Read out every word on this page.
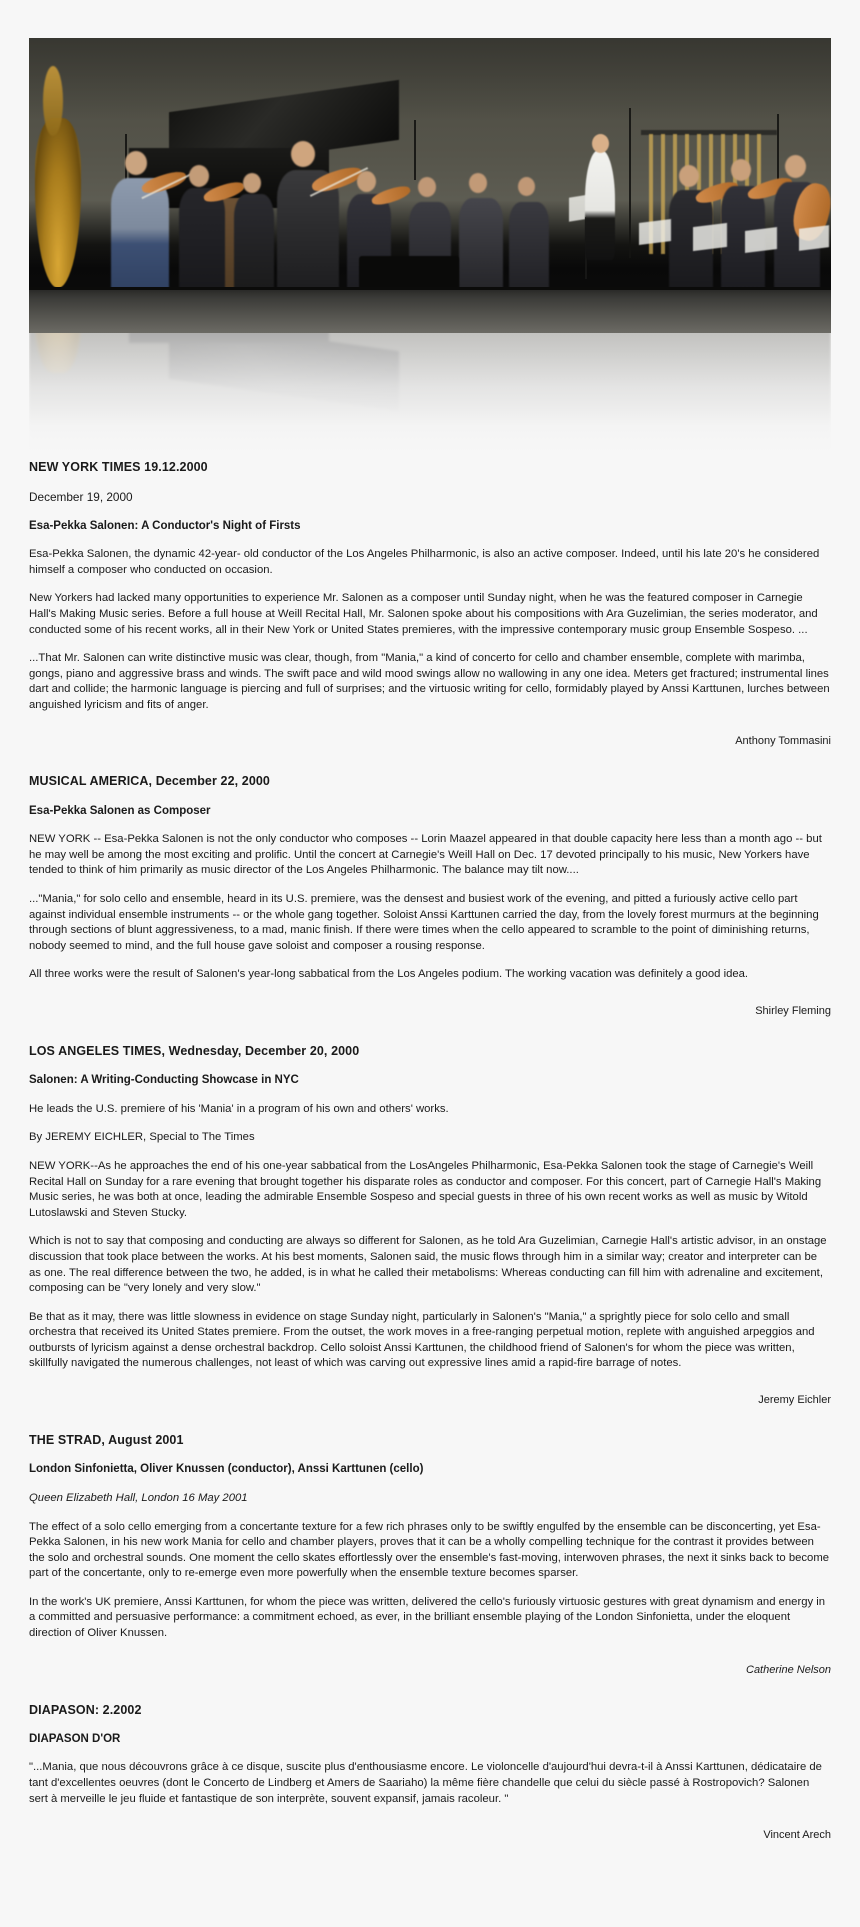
NEW YORK TIMES 19.12.2000

December 19, 2000

Esa-Pekka Salonen: A Conductor's Night of Firsts

Esa-Pekka Salonen, the dynamic 42-year- old conductor of the Los Angeles Philharmonic, is also an active composer. Indeed, until his late 20's he considered himself a composer who conducted on occasion.

New Yorkers had lacked many opportunities to experience Mr. Salonen as a composer until Sunday night, when he was the featured composer in Carnegie Hall's Making Music series. Before a full house at Weill Recital Hall, Mr. Salonen spoke about his compositions with Ara Guzelimian, the series moderator, and conducted some of his recent works, all in their New York or United States premieres, with the impressive contemporary music group Ensemble Sospeso. ...

...That Mr. Salonen can write distinctive music was clear, though, from "Mania," a kind of concerto for cello and chamber ensemble, complete with marimba, gongs, piano and aggressive brass and winds. The swift pace and wild mood swings allow no wallowing in any one idea. Meters get fractured; instrumental lines dart and collide; the harmonic language is piercing and full of surprises; and the virtuosic writing for cello, formidably played by Anssi Karttunen, lurches between anguished lyricism and fits of anger.

Anthony Tommasini

MUSICAL AMERICA, December 22, 2000
Esa-Pekka Salonen as Composer

NEW YORK -- Esa-Pekka Salonen is not the only conductor who composes -- Lorin Maazel appeared in that double capacity here less than a month ago -- but he may well be among the most exciting and prolific. Until the concert at Carnegie's Weill Hall on Dec. 17 devoted principally to his music, New Yorkers have tended to think of him primarily as music director of the Los Angeles Philharmonic. The balance may tilt now....

..."Mania," for solo cello and ensemble, heard in its U.S. premiere, was the densest and busiest work of the evening, and pitted a furiously active cello part against individual ensemble instruments -- or the whole gang together. Soloist Anssi Karttunen carried the day, from the lovely forest murmurs at the beginning through sections of blunt aggressiveness, to a mad, manic finish. If there were times when the cello appeared to scramble to the point of diminishing returns, nobody seemed to mind, and the full house gave soloist and composer a rousing response.

All three works were the result of Salonen's year-long sabbatical from the Los Angeles podium. The working vacation was definitely a good idea.

Shirley Fleming

LOS ANGELES TIMES, Wednesday, December 20, 2000
Salonen: A Writing-Conducting Showcase in NYC

He leads the U.S. premiere of his 'Mania' in a program of his own and others' works.

By JEREMY EICHLER, Special to The Times

NEW YORK--As he approaches the end of his one-year sabbatical from the LosAngeles Philharmonic, Esa-Pekka Salonen took the stage of Carnegie's Weill Recital Hall on Sunday for a rare evening that brought together his disparate roles as conductor and composer. For this concert, part of Carnegie Hall's Making Music series, he was both at once, leading the admirable Ensemble Sospeso and special guests in three of his own recent works as well as music by Witold Lutoslawski and Steven Stucky.

Which is not to say that composing and conducting are always so different for Salonen, as he told Ara Guzelimian, Carnegie Hall's artistic advisor, in an onstage discussion that took place between the works. At his best moments, Salonen said, the music flows through him in a similar way; creator and interpreter can be as one. The real difference between the two, he added, is in what he called their metabolisms: Whereas conducting can fill him with adrenaline and excitement, composing can be "very lonely and very slow."

Be that as it may, there was little slowness in evidence on stage Sunday night, particularly in Salonen's "Mania," a sprightly piece for solo cello and small orchestra that received its United States premiere. From the outset, the work moves in a free-ranging perpetual motion, replete with anguished arpeggios and outbursts of lyricism against a dense orchestral backdrop. Cello soloist Anssi Karttunen, the childhood friend of Salonen's for whom the piece was written, skillfully navigated the numerous challenges, not least of which was carving out expressive lines amid a rapid-fire barrage of notes.

Jeremy Eichler

THE STRAD, August 2001
London Sinfonietta, Oliver Knussen (conductor), Anssi Karttunen (cello)

Queen Elizabeth Hall, London 16 May 2001

The effect of a solo cello emerging from a concertante texture for a few rich phrases only to be swiftly engulfed by the ensemble can be disconcerting, yet Esa-Pekka Salonen, in his new work Mania for cello and chamber players, proves that it can be a wholly compelling technique for the contrast it provides between the solo and orchestral sounds. One moment the cello skates effortlessly over the ensemble's fast-moving, interwoven phrases, the next it sinks back to become part of the concertante, only to re-emerge even more powerfully when the ensemble texture becomes sparser.

In the work's UK premiere, Anssi Karttunen, for whom the piece was written, delivered the cello's furiously virtuosic gestures with great dynamism and energy in a committed and persuasive performance: a commitment echoed, as ever, in the brilliant ensemble playing of the London Sinfonietta, under the eloquent direction of Oliver Knussen.

Catherine Nelson

DIAPASON: 2.2002
DIAPASON D'OR

"...Mania, que nous découvrons grâce à ce disque, suscite plus d'enthousiasme encore. Le violoncelle d'aujourd'hui devra-t-il à Anssi Karttunen, dédicataire de tant d'excellentes oeuvres (dont le Concerto de Lindberg et Amers de Saariaho) la même fière chandelle que celui du siècle passé à Rostropovich? Salonen sert à merveille le jeu fluide et fantastique de son interprète, souvent expansif, jamais racoleur. "

Vincent Arech
